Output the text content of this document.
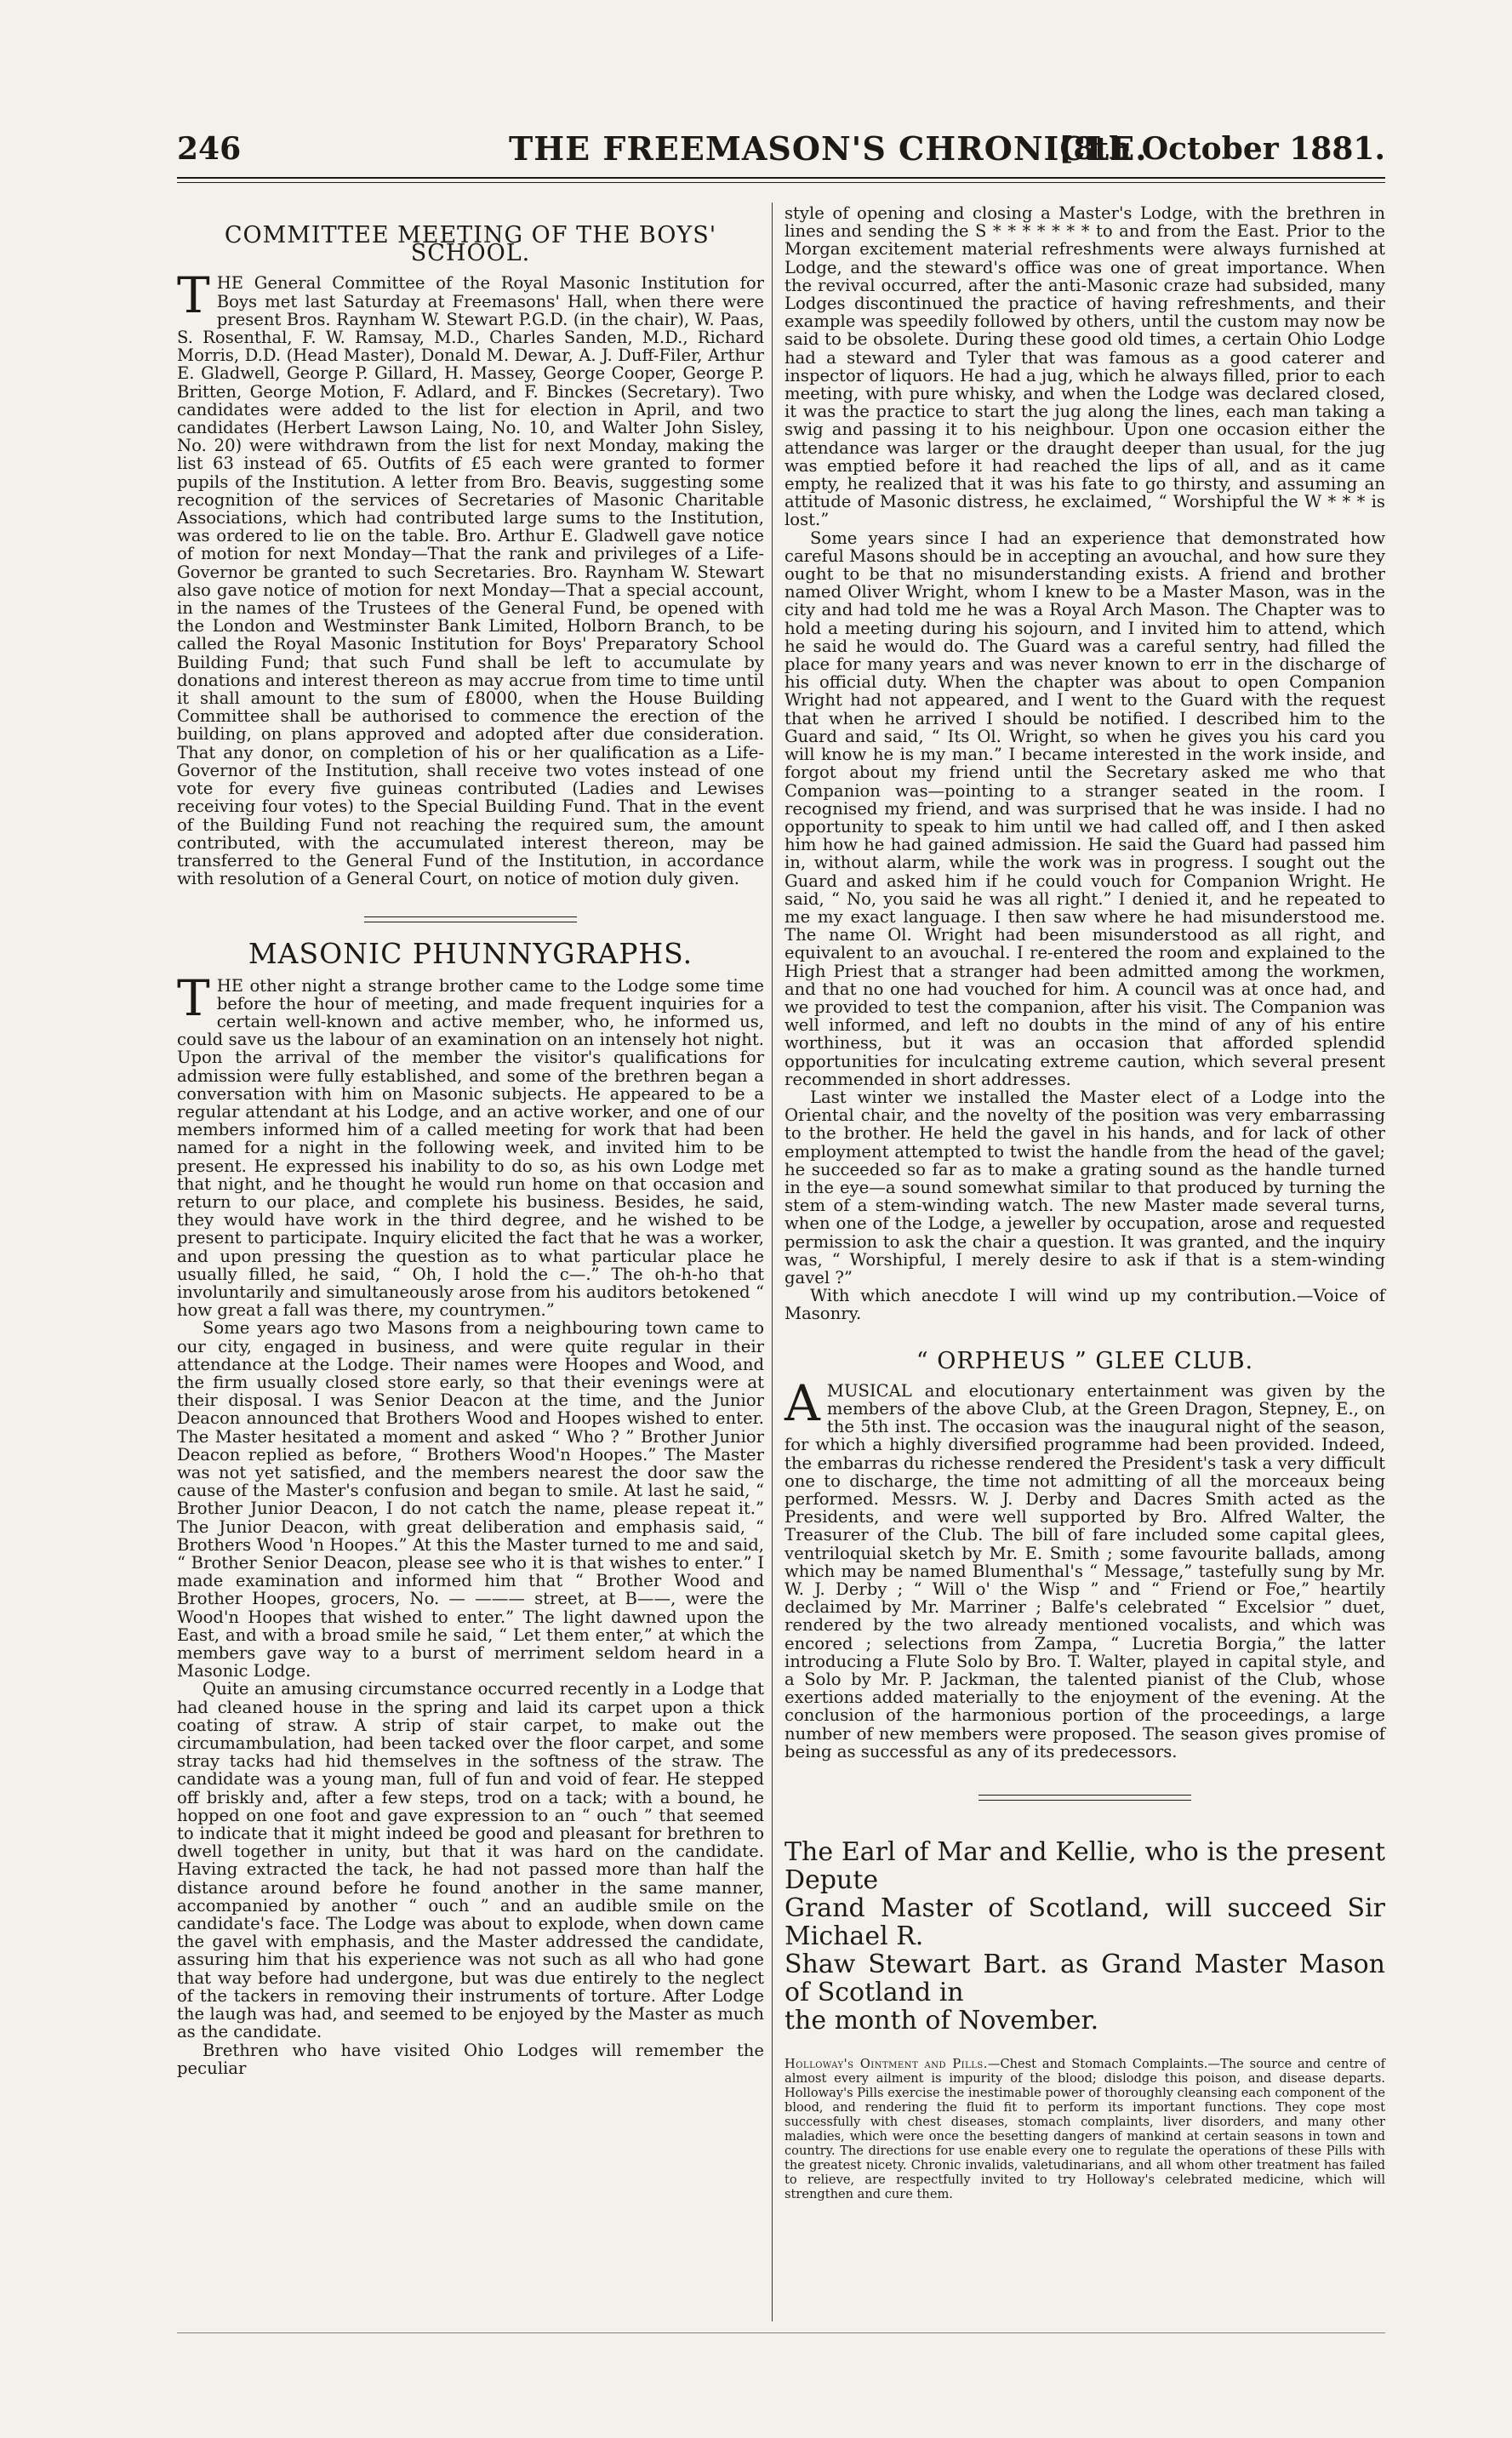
246	THE FREEMASON'S CHRONICLE.
[8th October 1881.
COMMITTEE MEETING OF THE BOYS' SCHOOL.

THE General Committee of the Royal Masonic Institution for Boys met last Saturday at Freemasons' Hall, when there were present Bros. Raynham W. Stewart P.G.D. (in the chair), W. Paas, S. Rosenthal, F. W. Ramsay, M.D., Charles Sanden, M.D., Richard Morris, D.D. (Head Master), Donald M. Dewar, A. J. Duff-Filer, Arthur E. Gladwell, George P. Gillard, H. Massey, George Cooper, George P. Britten, George Motion, F. Adlard, and F. Binckes (Secretary). Two candidates were added to the list for election in April, and two candidates (Herbert Lawson Laing, No. 10, and Walter John Sisley, No. 20) were withdrawn from the list for next Monday, making the list 63 instead of 65. Outfits of £5 each were granted to former pupils of the Institution. A letter from Bro. Beavis, suggesting some recognition of the services of Secretaries of Masonic Charitable Associations, which had contributed large sums to the Institution, was ordered to lie on the table. Bro. Arthur E. Gladwell gave notice of motion for next Monday—That the rank and privileges of a Life-Governor be granted to such Secretaries. Bro. Raynham W. Stewart also gave notice of motion for next Monday—That a special account, in the names of the Trustees of the General Fund, be opened with the London and Westminster Bank Limited, Holborn Branch, to be called the Royal Masonic Institution for Boys' Preparatory School Building Fund; that such Fund shall be left to accumulate by donations and interest thereon as may accrue from time to time until it shall amount to the sum of £8000, when the House Building Committee shall be authorised to commence the erection of the building, on plans approved and adopted after due consideration. That any donor, on completion of his or her qualification as a Life-Governor of the Institution, shall receive two votes instead of one vote for every five guineas contributed (Ladies and Lewises receiving four votes) to the Special Building Fund. That in the event of the Building Fund not reaching the required sum, the amount contributed, with the accumulated interest thereon, may be transferred to the General Fund of the Institution, in accordance with resolution of a General Court, on notice of motion duly given.

MASONIC PHUNNYGRAPHS.

THE other night a strange brother came to the Lodge some time before the hour of meeting, and made frequent inquiries for a certain well-known and active member, who, he informed us, could save us the labour of an examination on an intensely hot night. Upon the arrival of the member the visitor's qualifications for admission were fully established, and some of the brethren began a conversation with him on Masonic subjects. He appeared to be a regular attendant at his Lodge, and an active worker, and one of our members informed him of a called meeting for work that had been named for a night in the following week, and invited him to be present. He expressed his inability to do so, as his own Lodge met that night, and he thought he would run home on that occasion and return to our place, and complete his business. Besides, he said, they would have work in the third degree, and he wished to be present to participate. Inquiry elicited the fact that he was a worker, and upon pressing the question as to what particular place he usually filled, he said, “ Oh, I hold the c—.” The oh-h-ho that involuntarily and simultaneously arose from his auditors betokened “ how great a fall was there, my countrymen.”

Some years ago two Masons from a neighbouring town came to our city, engaged in business, and were quite regular in their attendance at the Lodge. Their names were Hoopes and Wood, and the firm usually closed store early, so that their evenings were at their disposal. I was Senior Deacon at the time, and the Junior Deacon announced that Brothers Wood and Hoopes wished to enter. The Master hesitated a moment and asked “ Who ? ” Brother Junior Deacon replied as before, “ Brothers Wood'n Hoopes.” The Master was not yet satisfied, and the members nearest the door saw the cause of the Master's confusion and began to smile. At last he said, “ Brother Junior Deacon, I do not catch the name, please repeat it.” The Junior Deacon, with great deliberation and emphasis said, “ Brothers Wood 'n Hoopes.” At this the Master turned to me and said, “ Brother Senior Deacon, please see who it is that wishes to enter.” I made examination and informed him that “ Brother Wood and Brother Hoopes, grocers, No. — ——— street, at B——, were the Wood'n Hoopes that wished to enter.” The light dawned upon the East, and with a broad smile he said, “ Let them enter,” at which the members gave way to a burst of merriment seldom heard in a Masonic Lodge.

Quite an amusing circumstance occurred recently in a Lodge that had cleaned house in the spring and laid its carpet upon a thick coating of straw. A strip of stair carpet, to make out the circumambulation, had been tacked over the floor carpet, and some stray tacks had hid themselves in the softness of the straw. The candidate was a young man, full of fun and void of fear. He stepped off briskly and, after a few steps, trod on a tack; with a bound, he hopped on one foot and gave expression to an “ ouch ” that seemed to indicate that it might indeed be good and pleasant for brethren to dwell together in unity, but that it was hard on the candidate. Having extracted the tack, he had not passed more than half the distance around before he found another in the same manner, accompanied by another “ ouch ” and an audible smile on the candidate's face. The Lodge was about to explode, when down came the gavel with emphasis, and the Master addressed the candidate, assuring him that his experience was not such as all who had gone that way before had undergone, but was due entirely to the neglect of the tackers in removing their instruments of torture. After Lodge the laugh was had, and seemed to be enjoyed by the Master as much as the candidate.

Brethren who have visited Ohio Lodges will remember the peculiar

style of opening and closing a Master's Lodge, with the brethren in lines and sending the S * * * * * * * to and from the East. Prior to the Morgan excitement material refreshments were always furnished at Lodge, and the steward's office was one of great importance. When the revival occurred, after the anti-Masonic craze had subsided, many Lodges discontinued the practice of having refreshments, and their example was speedily followed by others, until the custom may now be said to be obsolete. During these good old times, a certain Ohio Lodge had a steward and Tyler that was famous as a good caterer and inspector of liquors. He had a jug, which he always filled, prior to each meeting, with pure whisky, and when the Lodge was declared closed, it was the practice to start the jug along the lines, each man taking a swig and passing it to his neighbour. Upon one occasion either the attendance was larger or the draught deeper than usual, for the jug was emptied before it had reached the lips of all, and as it came empty, he realized that it was his fate to go thirsty, and assuming an attitude of Masonic distress, he exclaimed, “ Worshipful the W * * * is lost.”

Some years since I had an experience that demonstrated how careful Masons should be in accepting an avouchal, and how sure they ought to be that no misunderstanding exists. A friend and brother named Oliver Wright, whom I knew to be a Master Mason, was in the city and had told me he was a Royal Arch Mason. The Chapter was to hold a meeting during his sojourn, and I invited him to attend, which he said he would do. The Guard was a careful sentry, had filled the place for many years and was never known to err in the discharge of his official duty. When the chapter was about to open Companion Wright had not appeared, and I went to the Guard with the request that when he arrived I should be notified. I described him to the Guard and said, “ Its Ol. Wright, so when he gives you his card you will know he is my man.” I became interested in the work inside, and forgot about my friend until the Secretary asked me who that Companion was—pointing to a stranger seated in the room. I recognised my friend, and was surprised that he was inside. I had no opportunity to speak to him until we had called off, and I then asked him how he had gained admission. He said the Guard had passed him in, without alarm, while the work was in progress. I sought out the Guard and asked him if he could vouch for Companion Wright. He said, “ No, you said he was all right.” I denied it, and he repeated to me my exact language. I then saw where he had misunderstood me. The name Ol. Wright had been misunderstood as all right, and equivalent to an avouchal. I re-entered the room and explained to the High Priest that a stranger had been admitted among the workmen, and that no one had vouched for him. A council was at once had, and we provided to test the companion, after his visit. The Companion was well informed, and left no doubts in the mind of any of his entire worthiness, but it was an occasion that afforded splendid opportunities for inculcating extreme caution, which several present recommended in short addresses.

Last winter we installed the Master elect of a Lodge into the Oriental chair, and the novelty of the position was very embarrassing to the brother. He held the gavel in his hands, and for lack of other employment attempted to twist the handle from the head of the gavel; he succeeded so far as to make a grating sound as the handle turned in the eye—a sound somewhat similar to that produced by turning the stem of a stem-winding watch. The new Master made several turns, when one of the Lodge, a jeweller by occupation, arose and requested permission to ask the chair a question. It was granted, and the inquiry was, “ Worshipful, I merely desire to ask if that is a stem-winding gavel ?”

With which anecdote I will wind up my contribution.—Voice of Masonry.

“ ORPHEUS ” GLEE CLUB.

AMUSICAL and elocutionary entertainment was given by the members of the above Club, at the Green Dragon, Stepney, E., on the 5th inst. The occasion was the inaugural night of the season, for which a highly diversified programme had been provided. Indeed, the embarras du richesse rendered the President's task a very difficult one to discharge, the time not admitting of all the morceaux being performed. Messrs. W. J. Derby and Dacres Smith acted as the Presidents, and were well supported by Bro. Alfred Walter, the Treasurer of the Club. The bill of fare included some capital glees, ventriloquial sketch by Mr. E. Smith ; some favourite ballads, among which may be named Blumenthal's “ Message,” tastefully sung by Mr. W. J. Derby ; “ Will o' the Wisp ” and “ Friend or Foe,” heartily declaimed by Mr. Marriner ; Balfe's celebrated “ Excelsior ” duet, rendered by the two already mentioned vocalists, and which was encored ; selections from Zampa, “ Lucretia Borgia,” the latter introducing a Flute Solo by Bro. T. Walter, played in capital style, and a Solo by Mr. P. Jackman, the talented pianist of the Club, whose exertions added materially to the enjoyment of the evening. At the conclusion of the harmonious portion of the proceedings, a large number of new members were proposed. The season gives promise of being as successful as any of its predecessors.

The Earl of Mar and Kellie, who is the present Depute
Grand Master of Scotland, will succeed Sir Michael R.
Shaw Stewart Bart. as Grand Master Mason of Scotland in
the month of November.
Holloway's Ointment and Pills.—Chest and Stomach Complaints.—The source and centre of almost every ailment is impurity of the blood; dislodge this poison, and disease departs. Holloway's Pills exercise the inestimable power of thoroughly cleansing each component of the blood, and rendering the fluid fit to perform its important functions. They cope most successfully with chest diseases, stomach complaints, liver disorders, and many other maladies, which were once the besetting dangers of mankind at certain seasons in town and country. The directions for use enable every one to regulate the operations of these Pills with the greatest nicety. Chronic invalids, valetudinarians, and all whom other treatment has failed to relieve, are respectfully invited to try Holloway's celebrated medicine, which will strengthen and cure them.
